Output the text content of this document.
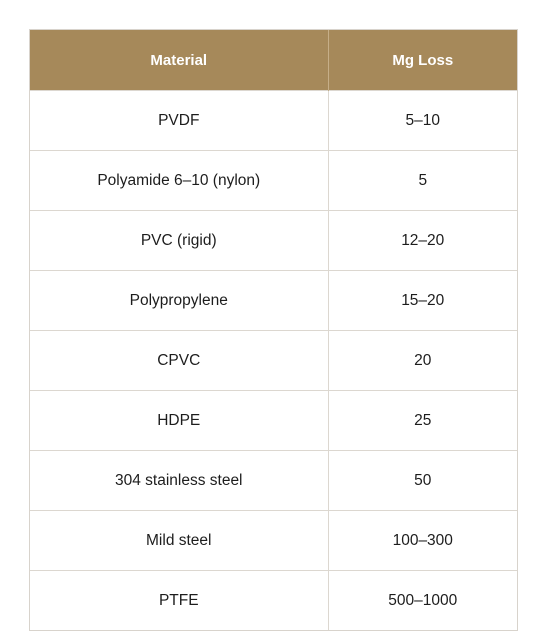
Material	Mg Loss
PVDF	5–10
Polyamide 6–10 (nylon)	5
PVC (rigid)	12–20
Polypropylene	15–20
CPVC	20
HDPE	25
304 stainless steel	50
Mild steel	100–300
PTFE	500–1000
